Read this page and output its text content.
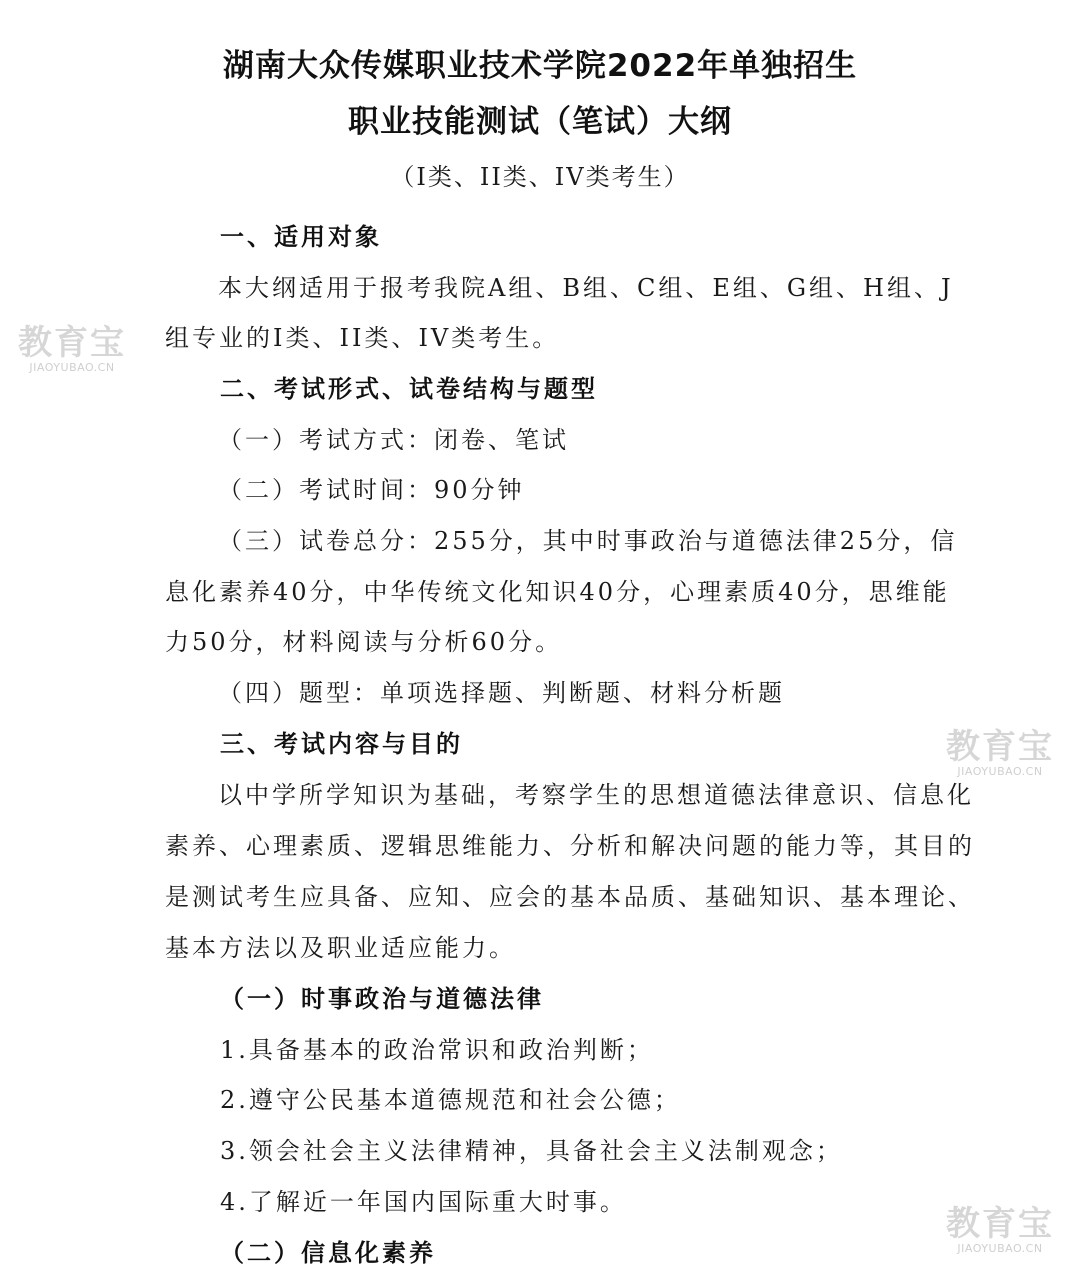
湖南大众传媒职业技术学院2022年单独招生
职业技能测试（笔试）大纲
（I类、II类、IV类考生）
一、适用对象
本大纲适用于报考我院A组、B组、C组、E组、G组、H组、J
组专业的I类、II类、IV类考生。
二、考试形式、试卷结构与题型
（一）考试方式：闭卷、笔试
（二）考试时间：90分钟
（三）试卷总分：255分，其中时事政治与道德法律25分，信
息化素养40分，中华传统文化知识40分，心理素质40分，思维能
力50分，材料阅读与分析60分。
（四）题型：单项选择题、判断题、材料分析题
三、考试内容与目的
以中学所学知识为基础，考察学生的思想道德法律意识、信息化
素养、心理素质、逻辑思维能力、分析和解决问题的能力等，其目的
是测试考生应具备、应知、应会的基本品质、基础知识、基本理论、
基本方法以及职业适应能力。
（一）时事政治与道德法律
1.具备基本的政治常识和政治判断；
2.遵守公民基本道德规范和社会公德；
3.领会社会主义法律精神，具备社会主义法制观念；
4.了解近一年国内国际重大时事。
（二）信息化素养
教育宝
JIAOYUBAO.CN
教育宝
JIAOYUBAO.CN
教育宝
JIAOYUBAO.CN
